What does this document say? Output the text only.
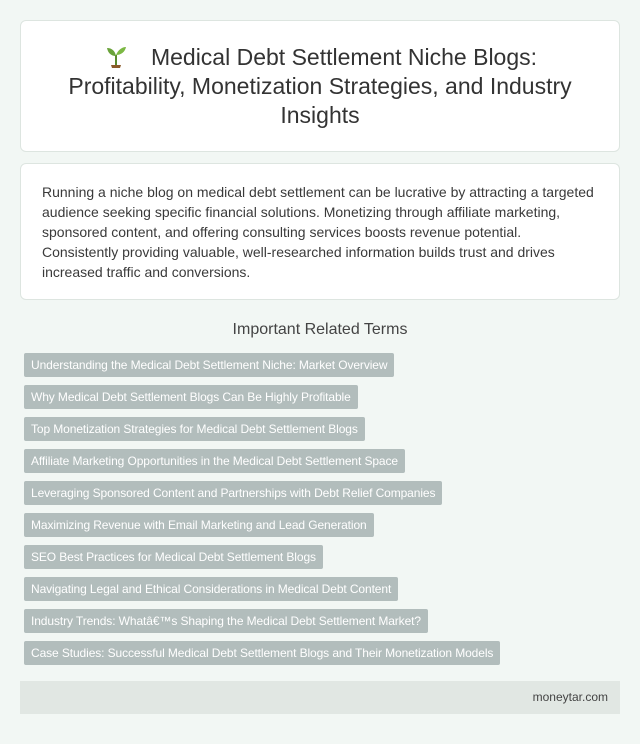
Medical Debt Settlement Niche Blogs: Profitability, Monetization Strategies, and Industry Insights

Running a niche blog on medical debt settlement can be lucrative by attracting a targeted audience seeking specific financial solutions. Monetizing through affiliate marketing, sponsored content, and offering consulting services boosts revenue potential. Consistently providing valuable, well-researched information builds trust and drives increased traffic and conversions.

Important Related Terms
Understanding the Medical Debt Settlement Niche: Market Overview
Why Medical Debt Settlement Blogs Can Be Highly Profitable
Top Monetization Strategies for Medical Debt Settlement Blogs
Affiliate Marketing Opportunities in the Medical Debt Settlement Space
Leveraging Sponsored Content and Partnerships with Debt Relief Companies
Maximizing Revenue with Email Marketing and Lead Generation
SEO Best Practices for Medical Debt Settlement Blogs
Navigating Legal and Ethical Considerations in Medical Debt Content
Industry Trends: Whatâ€™s Shaping the Medical Debt Settlement Market?
Case Studies: Successful Medical Debt Settlement Blogs and Their Monetization Models
moneytar.com
